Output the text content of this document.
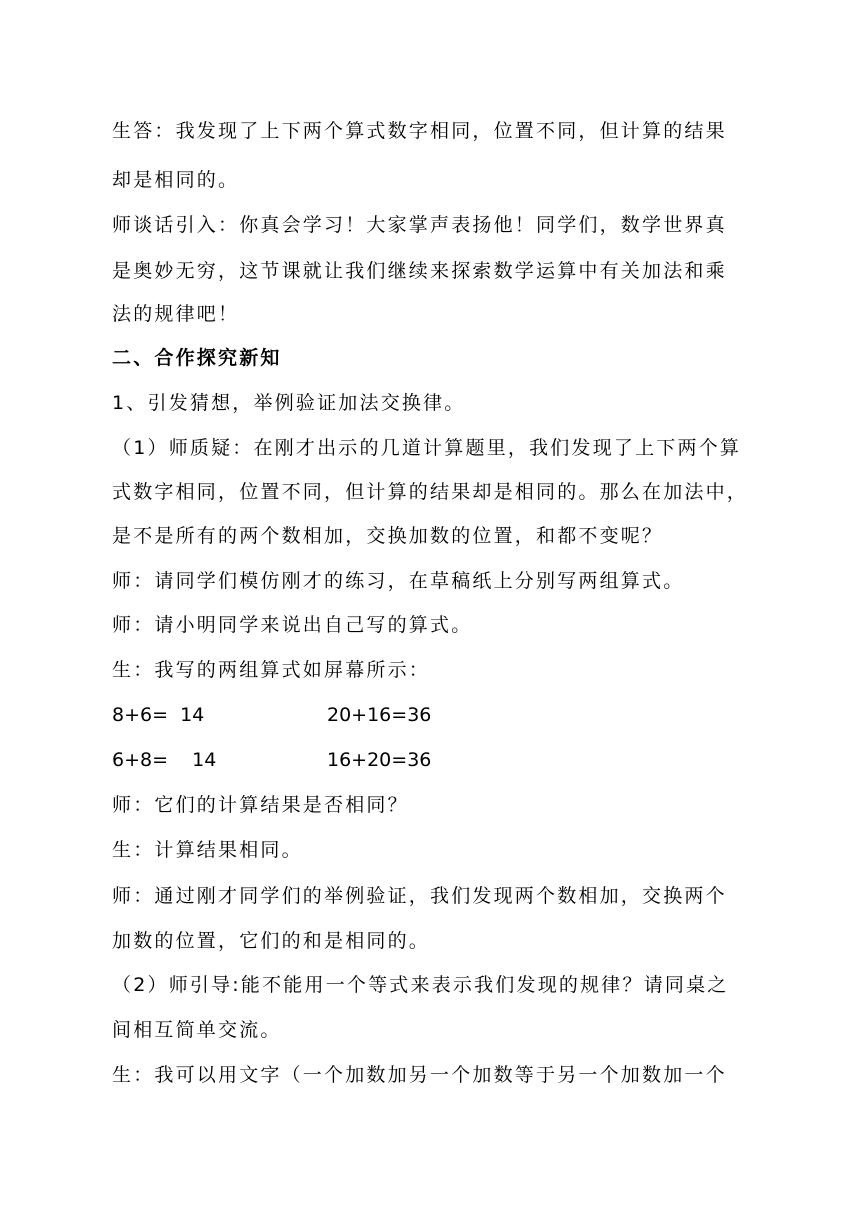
生答：我发现了上下两个算式数字相同，位置不同，但计算的结果
却是相同的。
师谈话引入：你真会学习！大家掌声表扬他！同学们，数学世界真
是奥妙无穷，这节课就让我们继续来探索数学运算中有关加法和乘
法的规律吧！
二、合作探究新知
1、引发猜想，举例验证加法交换律。
（1）师质疑：在刚才出示的几道计算题里，我们发现了上下两个算
式数字相同，位置不同，但计算的结果却是相同的。那么在加法中，
是不是所有的两个数相加，交换加数的位置，和都不变呢？
师：请同学们模仿刚才的练习，在草稿纸上分别写两组算式。
师：请小明同学来说出自己写的算式。
生：我写的两组算式如屏幕所示：

8+6=  14

	20+16=36

6+8=    14

	16+20=36

师：它们的计算结果是否相同？
生：计算结果相同。
师：通过刚才同学们的举例验证，我们发现两个数相加，交换两个
加数的位置，它们的和是相同的。
（2）师引导:能不能用一个等式来表示我们发现的规律？请同桌之
间相互简单交流。
生：我可以用文字（一个加数加另一个加数等于另一个加数加一个
